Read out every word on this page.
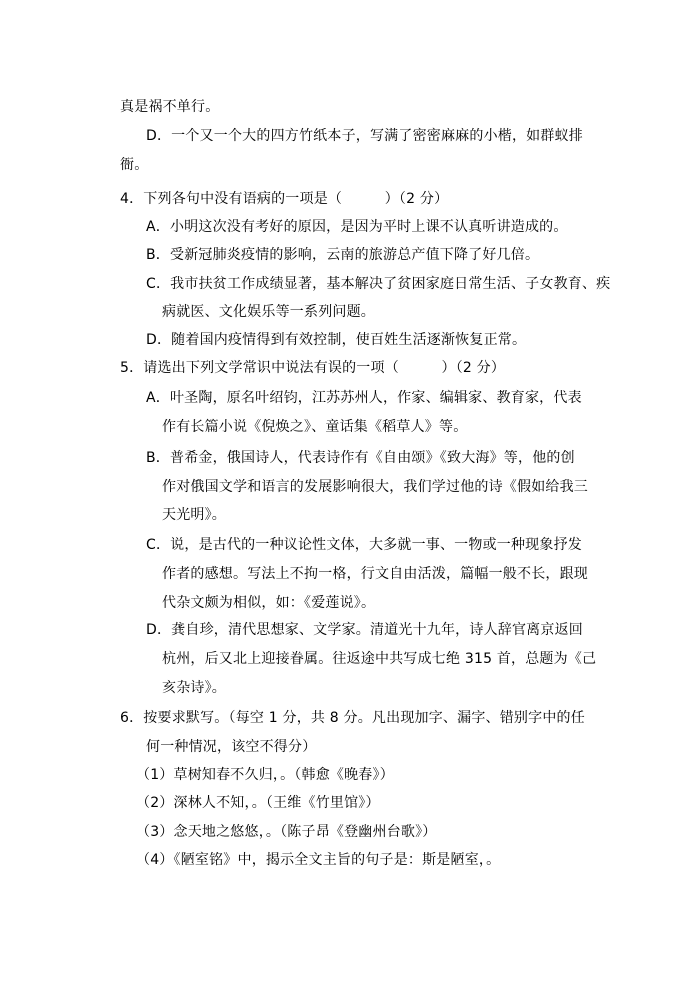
真是祸不单行。
D．一个又一个大的四方竹纸本子，写满了密密麻麻的小楷，如群蚁排
衙。
4．下列各句中没有语病的一项是（　　　）（2 分）
A．小明这次没有考好的原因，是因为平时上课不认真听讲造成的。
B．受新冠肺炎疫情的影响，云南的旅游总产值下降了好几倍。
C．我市扶贫工作成绩显著，基本解决了贫困家庭日常生活、子女教育、疾
病就医、文化娱乐等一系列问题。
D．随着国内疫情得到有效控制，使百姓生活逐渐恢复正常。
5．请选出下列文学常识中说法有误的一项（　　　）（2 分）
A．叶圣陶，原名叶绍钧，江苏苏州人，作家、编辑家、教育家，代表
作有长篇小说《倪焕之》、童话集《稻草人》等。
B．普希金，俄国诗人，代表诗作有《自由颂》《致大海》等，他的创
作对俄国文学和语言的发展影响很大，我们学过他的诗《假如给我三
天光明》。
C．说，是古代的一种议论性文体，大多就一事、一物或一种现象抒发
作者的感想。写法上不拘一格，行文自由活泼，篇幅一般不长，跟现
代杂文颇为相似，如：《爱莲说》。
D．龚自珍，清代思想家、文学家。清道光十九年，诗人辞官离京返回
杭州，后又北上迎接眷属。往返途中共写成七绝 315 首，总题为《己
亥杂诗》。
6．按要求默写。（每空 1 分，共 8 分。凡出现加字、漏字、错别字中的任
何一种情况，该空不得分）
（1）草树知春不久归，。（韩愈《晚春》）
（2）深林人不知，。（王维《竹里馆》）
（3）念天地之悠悠，。（陈子昂《登幽州台歌》）
（4）《陋室铭》中，揭示全文主旨的句子是：斯是陋室，。
